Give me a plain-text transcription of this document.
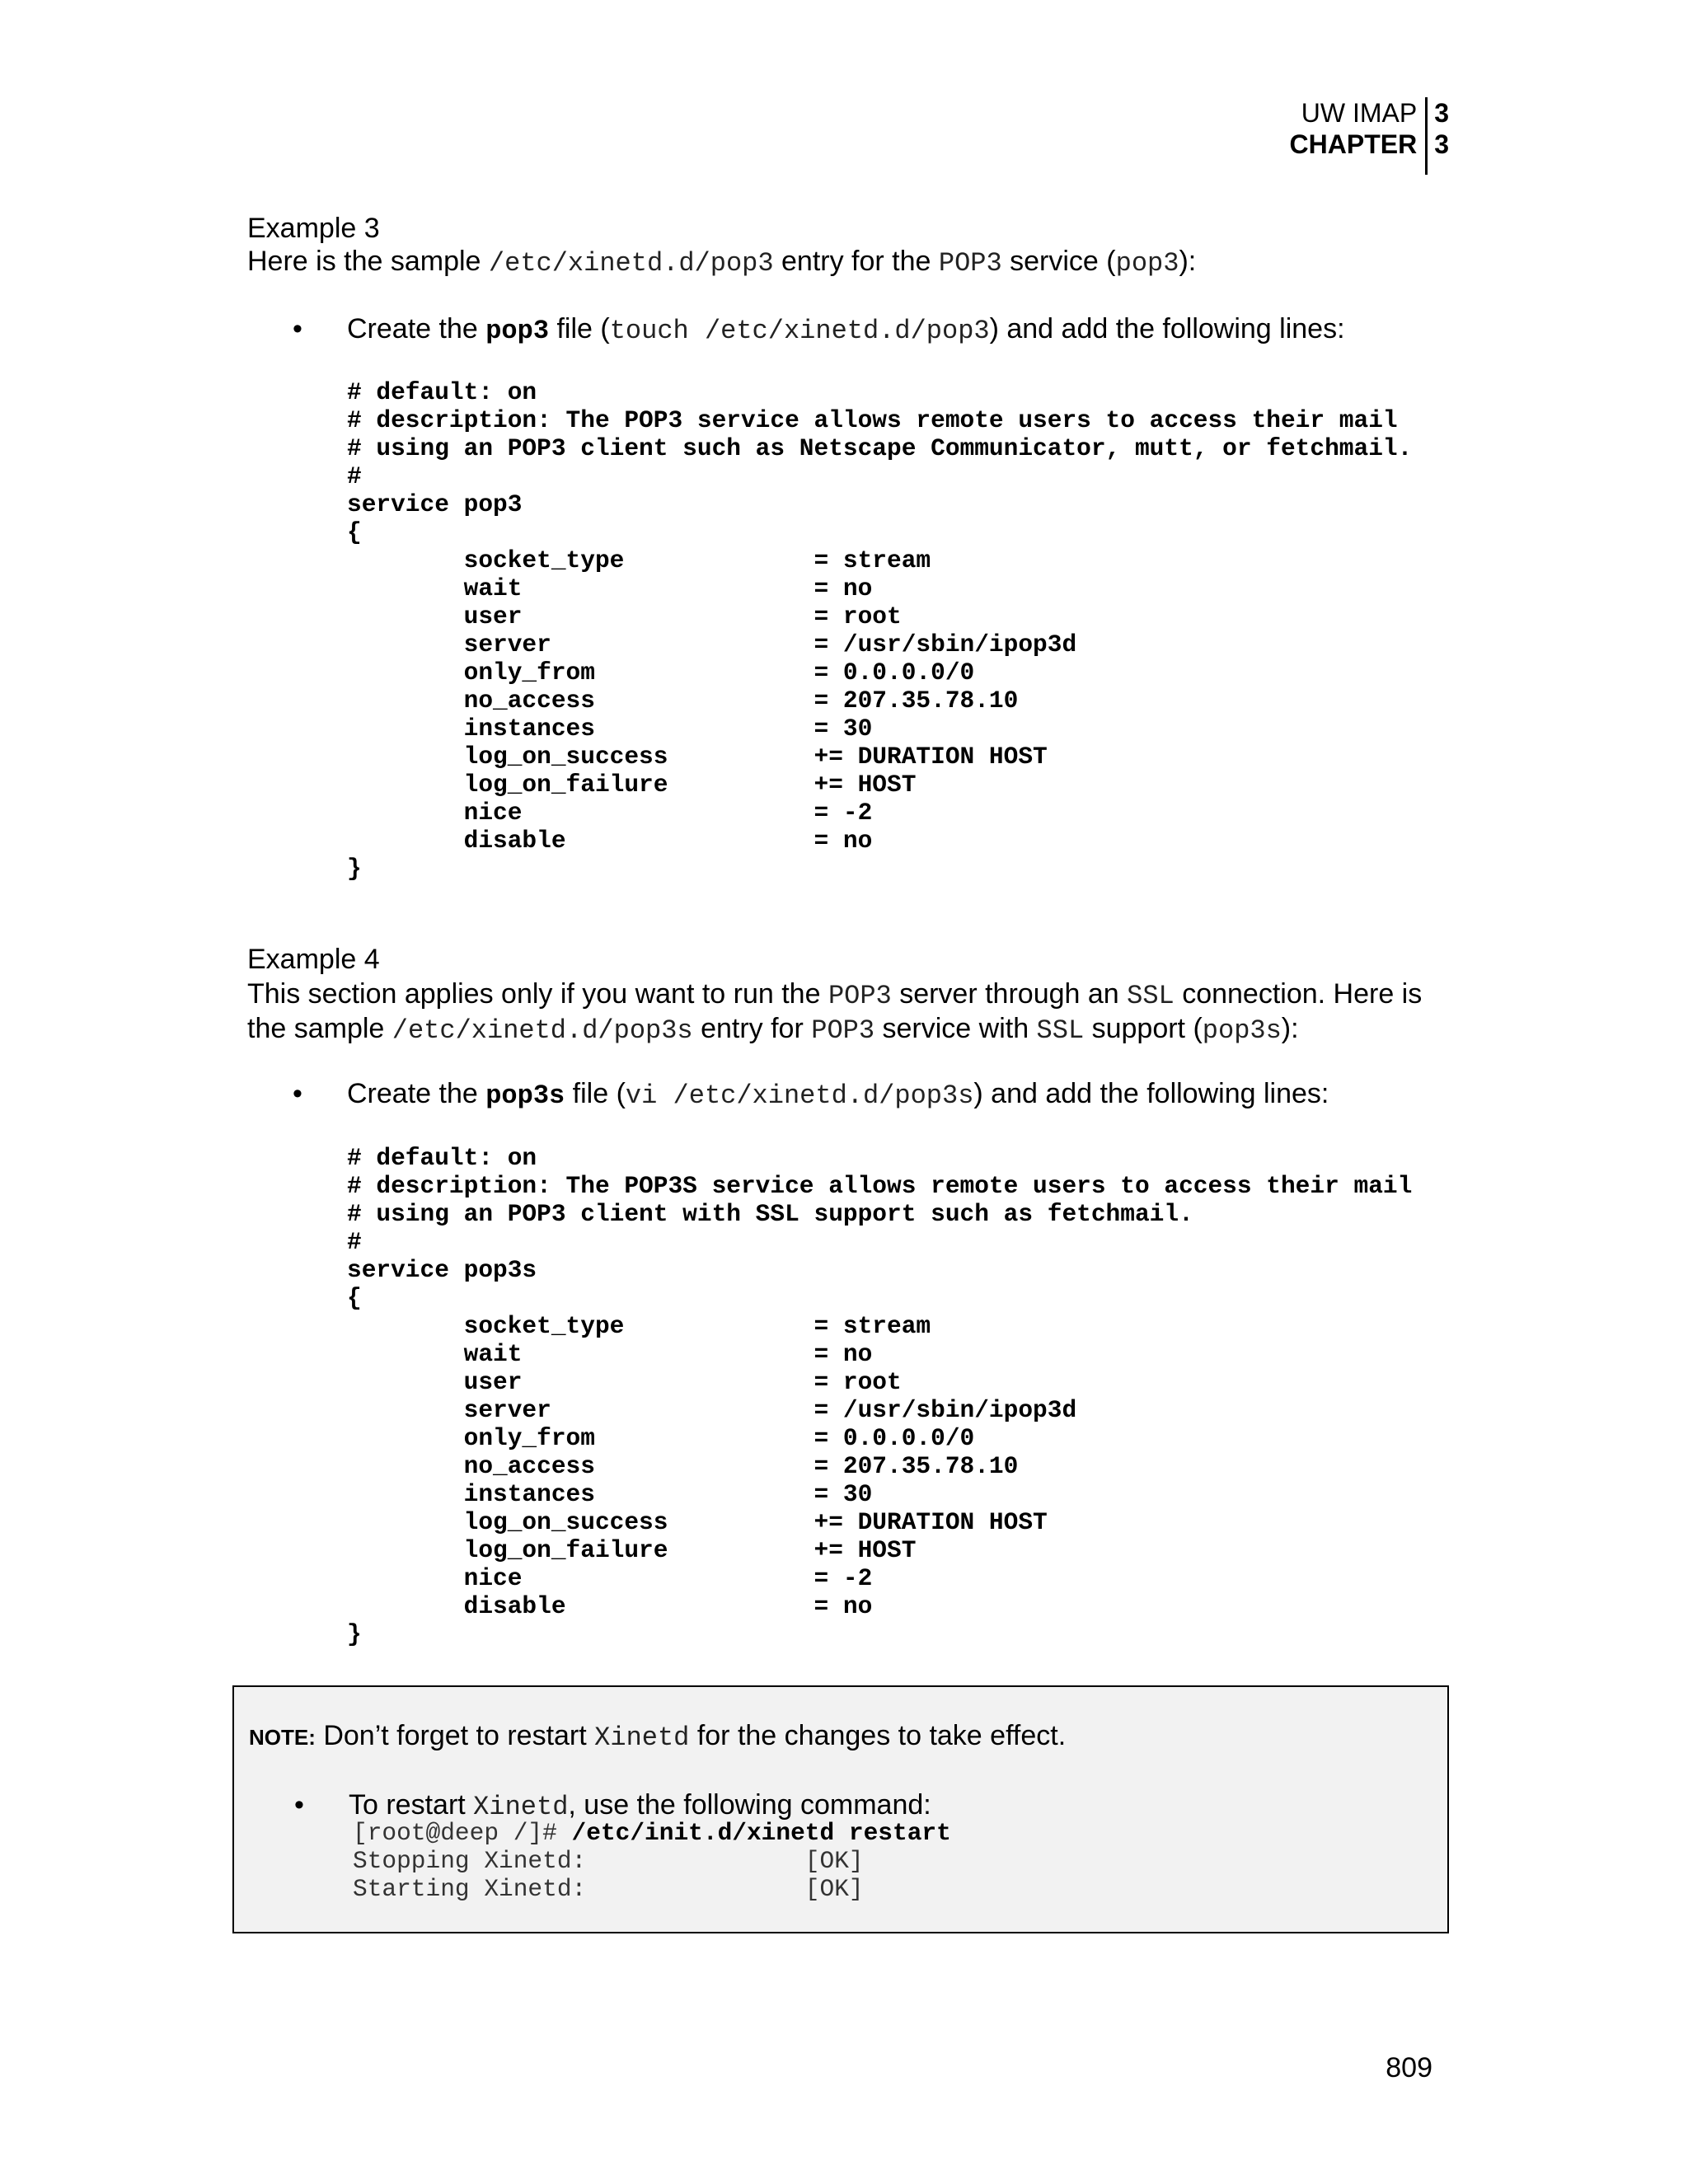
UW IMAP
CHAPTER
3
3
Example 3
Here is the sample /etc/xinetd.d/pop3 entry for the POP3 service (pop3):
• Create the pop3 file (touch /etc/xinetd.d/pop3) and add the following lines:
# default: on
# description: The POP3 service allows remote users to access their mail
# using an POP3 client such as Netscape Communicator, mutt, or fetchmail.
#
service pop3
{
socket_type             = stream
wait                    = no
user                    = root
server                  = /usr/sbin/ipop3d
only_from               = 0.0.0.0/0
no_access               = 207.35.78.10
instances               = 30
log_on_success          += DURATION HOST
log_on_failure          += HOST
nice                    = -2
disable                 = no
}
Example 4
This section applies only if you want to run the POP3 server through an SSL connection. Here is
the sample /etc/xinetd.d/pop3s entry for POP3 service with SSL support (pop3s):
• Create the pop3s file (vi /etc/xinetd.d/pop3s) and add the following lines:
# default: on
# description: The POP3S service allows remote users to access their mail
# using an POP3 client with SSL support such as fetchmail.
#
service pop3s
{
socket_type             = stream
wait                    = no
user                    = root
server                  = /usr/sbin/ipop3d
only_from               = 0.0.0.0/0
no_access               = 207.35.78.10
instances               = 30
log_on_success          += DURATION HOST
log_on_failure          += HOST
nice                    = -2
disable                 = no
}
NOTE: Don’t forget to restart Xinetd for the changes to take effect.
• To restart Xinetd, use the following command:
[root@deep /]# /etc/init.d/xinetd restart
Stopping Xinetd:               [OK]
Starting Xinetd:               [OK]
809
